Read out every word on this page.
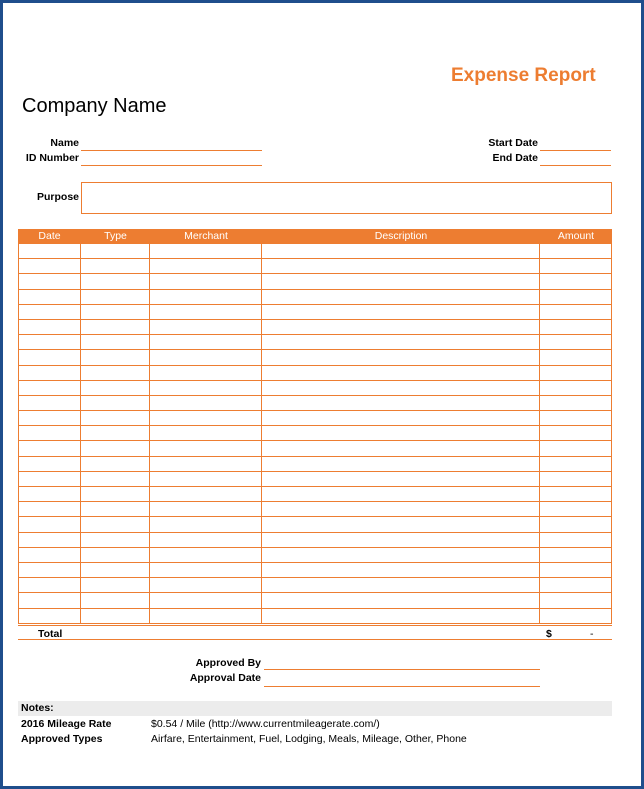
Expense Report
Company Name
Name
ID Number
Start Date
End Date
Purpose
Date	Type	Merchant	Description	Amount
Total	$	-
Approved By
Approval Date
Notes:
2016 Mileage Rate	$0.54 / Mile (http://www.currentmileagerate.com/)
Approved Types	Airfare, Entertainment, Fuel, Lodging, Meals, Mileage, Other, Phone
